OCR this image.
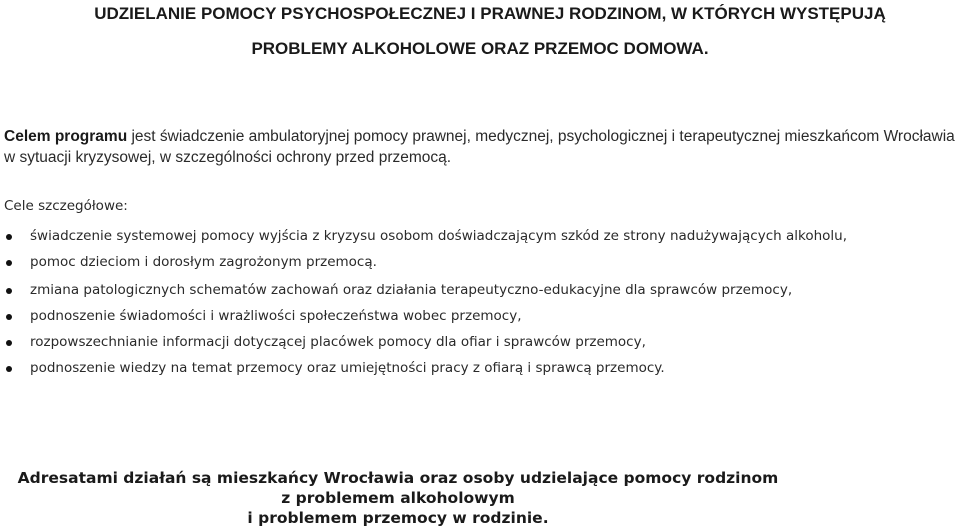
UDZIELANIE POMOCY PSYCHOSPOŁECZNEJ I PRAWNEJ RODZINOM, W KTÓRYCH WYSTĘPUJĄ

PROBLEMY ALKOHOLOWE ORAZ PRZEMOC DOMOWA.

Celem programu jest świadczenie ambulatoryjnej pomocy prawnej, medycznej, psychologicznej i terapeutycznej mieszkańcom Wrocławia w sytuacji kryzysowej, w szczególności ochrony przed przemocą.

Cele szczegółowe:

świadczenie systemowej pomocy wyjścia z kryzysu osobom doświadczającym szkód ze strony nadużywających alkoholu,
pomoc dzieciom i dorosłym zagrożonym przemocą.
zmiana patologicznych schematów zachowań oraz działania terapeutyczno-edukacyjne dla sprawców przemocy,
podnoszenie świadomości i wrażliwości społeczeństwa wobec przemocy,
rozpowszechnianie informacji dotyczącej placówek pomocy dla ofiar i sprawców przemocy,
podnoszenie wiedzy na temat przemocy oraz umiejętności pracy z ofiarą i sprawcą przemocy.

Adresatami działań są mieszkańcy Wrocławia oraz osoby udzielające pomocy rodzinom

z problemem alkoholowym

i problemem przemocy w rodzinie.
